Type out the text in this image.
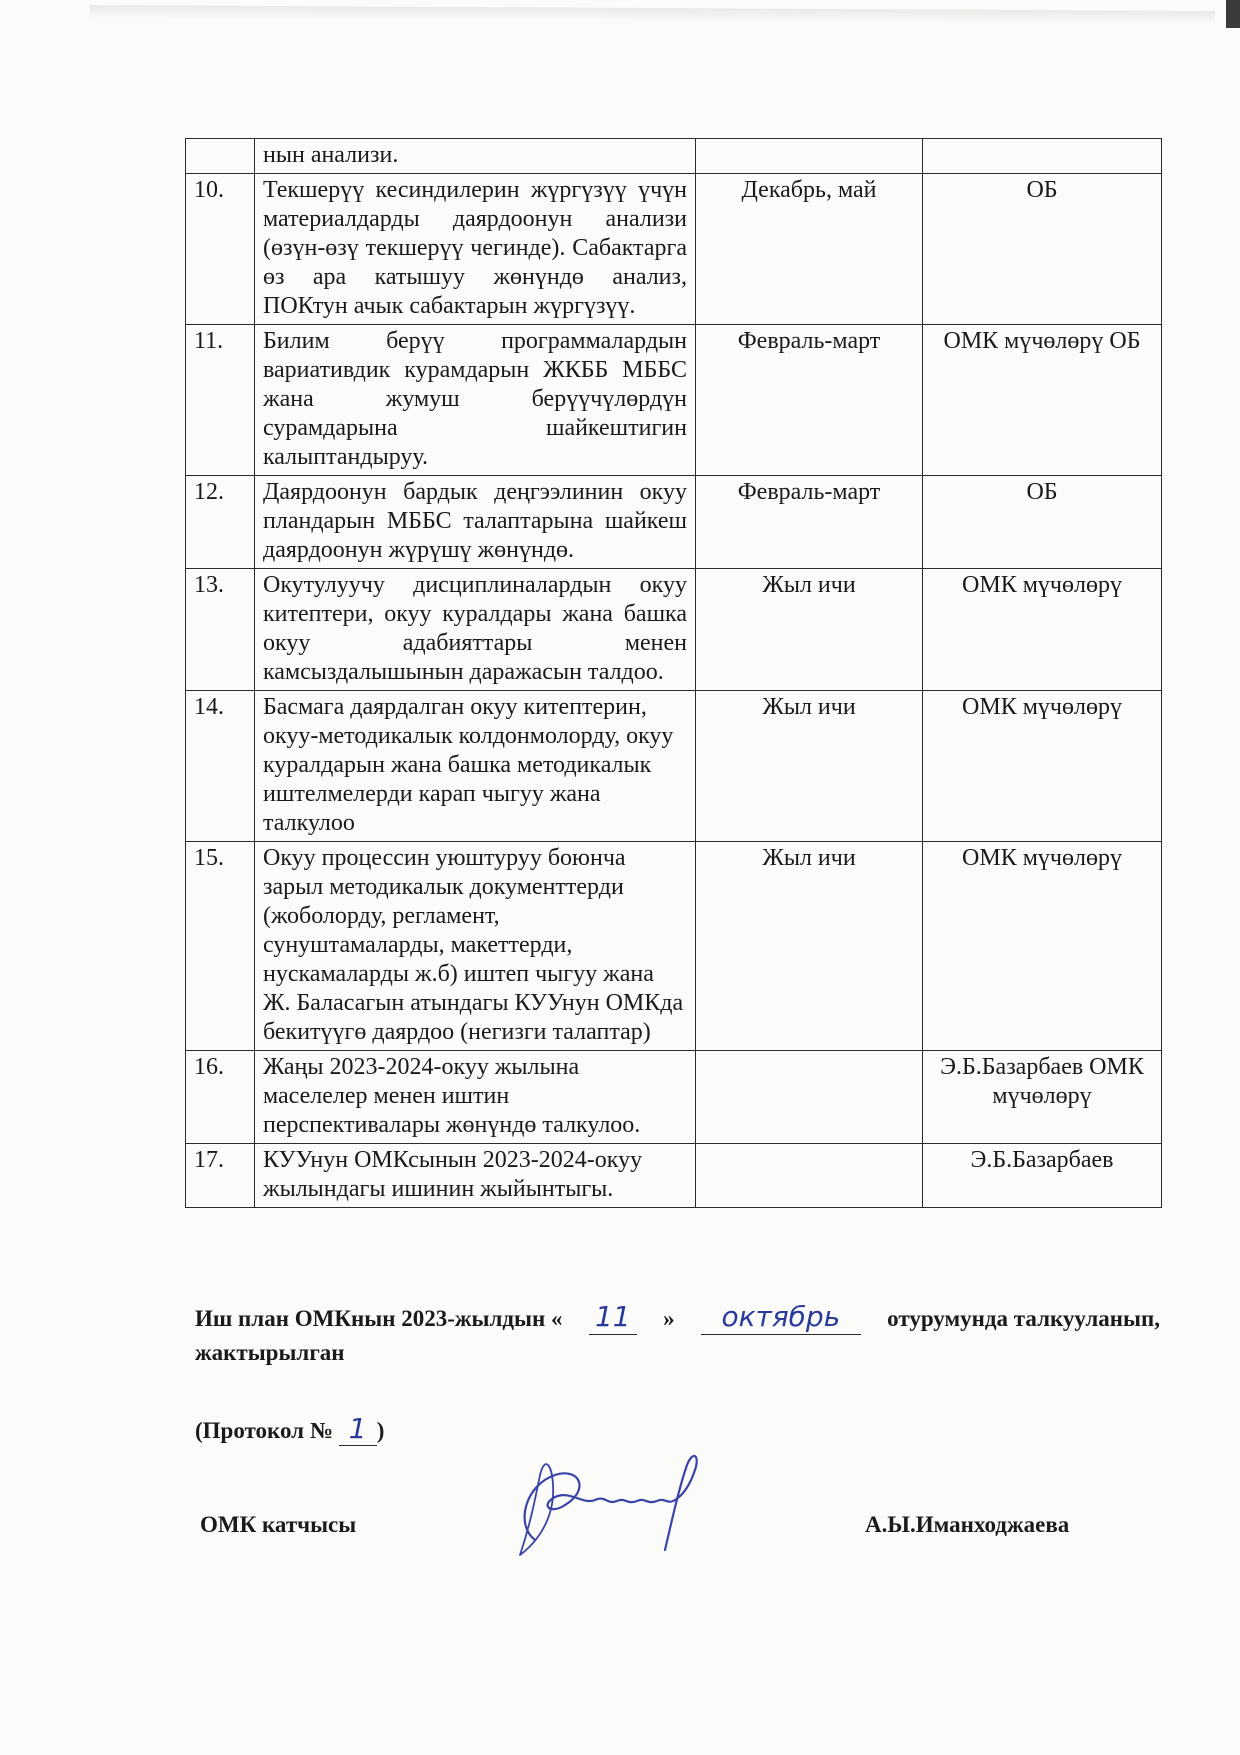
	нын анализи.		
10.	Текшерүү кесиндилерин жүргүзүү үчүн материалдарды даярдоонун анализи (өзүн-өзү текшерүү чегинде). Сабактарга өз ара катышуу жөнүндө анализ, ПОКтун ачык сабактарын жүргүзүү.	Декабрь, май	ОБ
11.	Билим берүү программалардын вариативдик курамдарын ЖКББ МББС жана жумуш берүүчүлөрдүн сурамдарына шайкештигин калыптандыруу.	Февраль-март	ОМК мүчөлөрү ОБ
12.	Даярдоонун бардык деңгээлинин окуу пландарын МББС талаптарына шайкеш даярдоонун жүрүшү жөнүндө.	Февраль-март	ОБ
13.	Окутулуучу дисциплиналардын окуу китептери, окуу куралдары жана башка окуу адабияттары менен камсыздалышынын даражасын талдоо.	Жыл ичи	ОМК мүчөлөрү
14.	Басмага даярдалган окуу китептерин, окуу-методикалык колдонмолорду, окуу куралдарын жана башка методикалык иштелмелерди карап чыгуу жана талкулоо	Жыл ичи	ОМК мүчөлөрү
15.	Окуу процессин уюштуруу боюнча зарыл методикалык документтерди (жоболорду, регламент, сунуштамаларды, макеттерди, нускамаларды ж.б) иштеп чыгуу жана Ж. Баласагын атындагы КУУнун ОМКда бекитүүгө даярдоо (негизги талаптар)	Жыл ичи	ОМК мүчөлөрү
16.	Жаңы 2023-2024-окуу жылына маселелер менен иштин перспективалары жөнүндө талкулоо.		Э.Б.Базарбаев ОМК мүчөлөрү
17.	КУУнун ОМКсынын 2023-2024-окуу жылындагы ишинин жыйынтыгы.		Э.Б.Базарбаев
Иш план ОМКнын 2023-жылдын « 11 »	октябрь	отурумунда талкууланып,
жактырылган
(Протокол № 1 )
ОМК катчысы	А.Ы.Иманходжаева
